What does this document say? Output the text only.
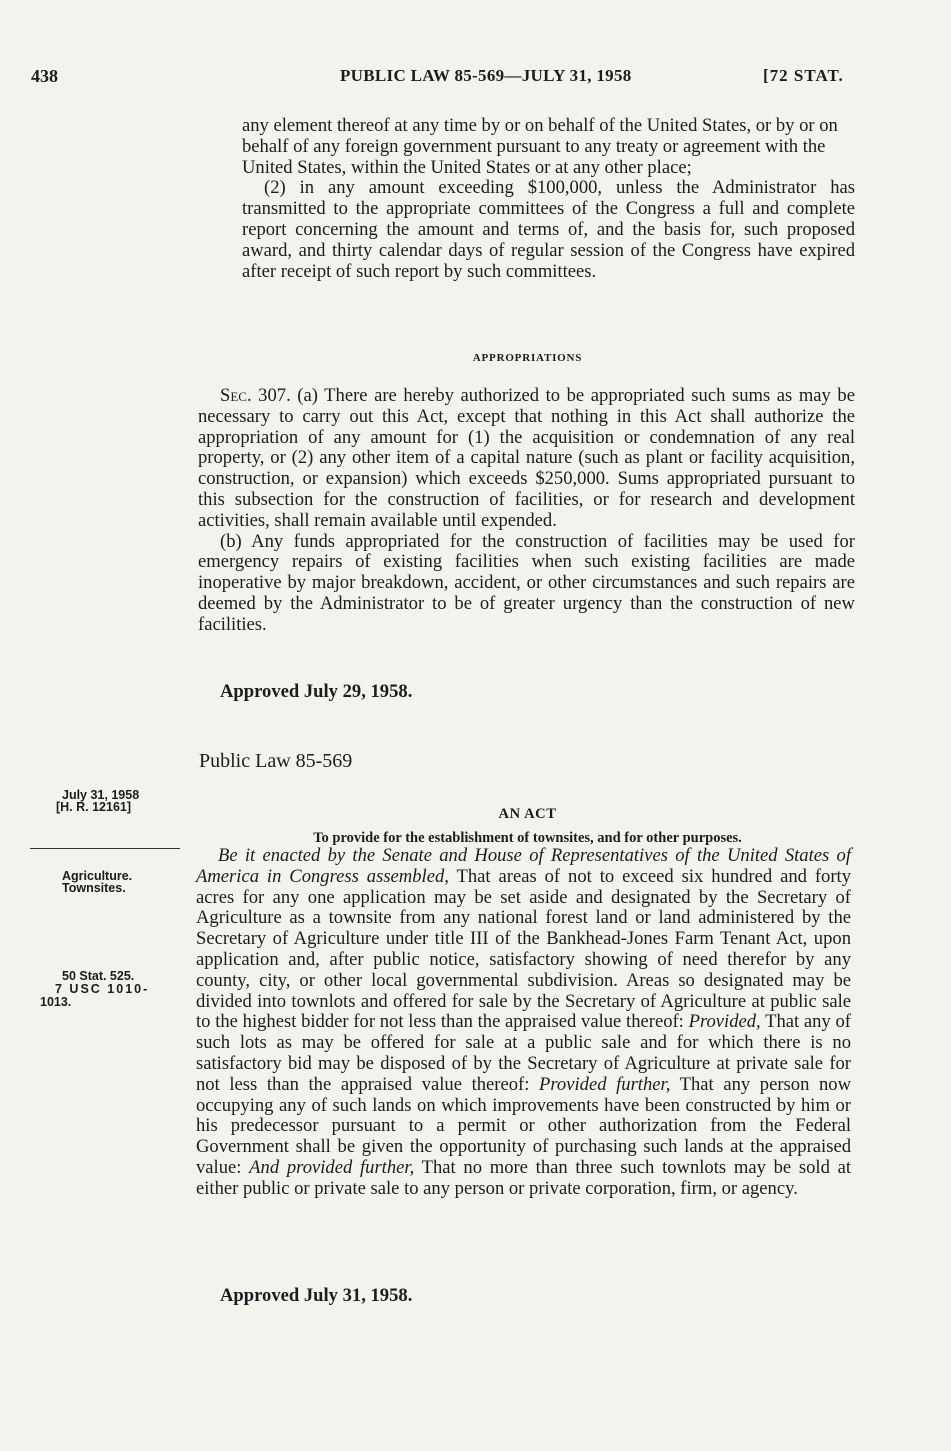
438	PUBLIC LAW 85-569—JULY 31, 1958	[72 STAT.

any element thereof at any time by or on behalf of the United States, or by or on behalf of any foreign government pursuant to any treaty or agreement with the United States, within the United States or at any other place;

(2) in any amount exceeding $100,000, unless the Administrator has transmitted to the appropriate committees of the Congress a full and complete report concerning the amount and terms of, and the basis for, such proposed award, and thirty calendar days of regular session of the Congress have expired after receipt of such report by such committees.

APPROPRIATIONS

Sec. 307. (a) There are hereby authorized to be appropriated such sums as may be necessary to carry out this Act, except that nothing in this Act shall authorize the appropriation of any amount for (1) the acquisition or condemnation of any real property, or (2) any other item of a capital nature (such as plant or facility acquisition, construction, or expansion) which exceeds $250,000. Sums appropriated pursuant to this subsection for the construction of facilities, or for research and development activities, shall remain available until expended.

(b) Any funds appropriated for the construction of facilities may be used for emergency repairs of existing facilities when such existing facilities are made inoperative by major breakdown, accident, or other circumstances and such repairs are deemed by the Administrator to be of greater urgency than the construction of new facilities.

Approved July 29, 1958.
Public Law 85-569
July 31, 1958
[H. R. 12161]	AN ACT
To provide for the establishment of townsites, and for other purposes.
Agriculture.
Townsites.
50 Stat. 525.
7 USC 1010-
1013.

Be it enacted by the Senate and House of Representatives of the United States of America in Congress assembled, That areas of not to exceed six hundred and forty acres for any one application may be set aside and designated by the Secretary of Agriculture as a townsite from any national forest land or land administered by the Secretary of Agriculture under title III of the Bankhead-Jones Farm Tenant Act, upon application and, after public notice, satisfactory showing of need therefor by any county, city, or other local governmental subdivision. Areas so designated may be divided into townlots and offered for sale by the Secretary of Agriculture at public sale to the highest bidder for not less than the appraised value thereof: Provided, That any of such lots as may be offered for sale at a public sale and for which there is no satisfactory bid may be disposed of by the Secretary of Agriculture at private sale for not less than the appraised value thereof: Provided further, That any person now occupying any of such lands on which improvements have been constructed by him or his predecessor pursuant to a permit or other authorization from the Federal Government shall be given the opportunity of purchasing such lands at the appraised value: And provided further, That no more than three such townlots may be sold at either public or private sale to any person or private corporation, firm, or agency.

Approved July 31, 1958.
